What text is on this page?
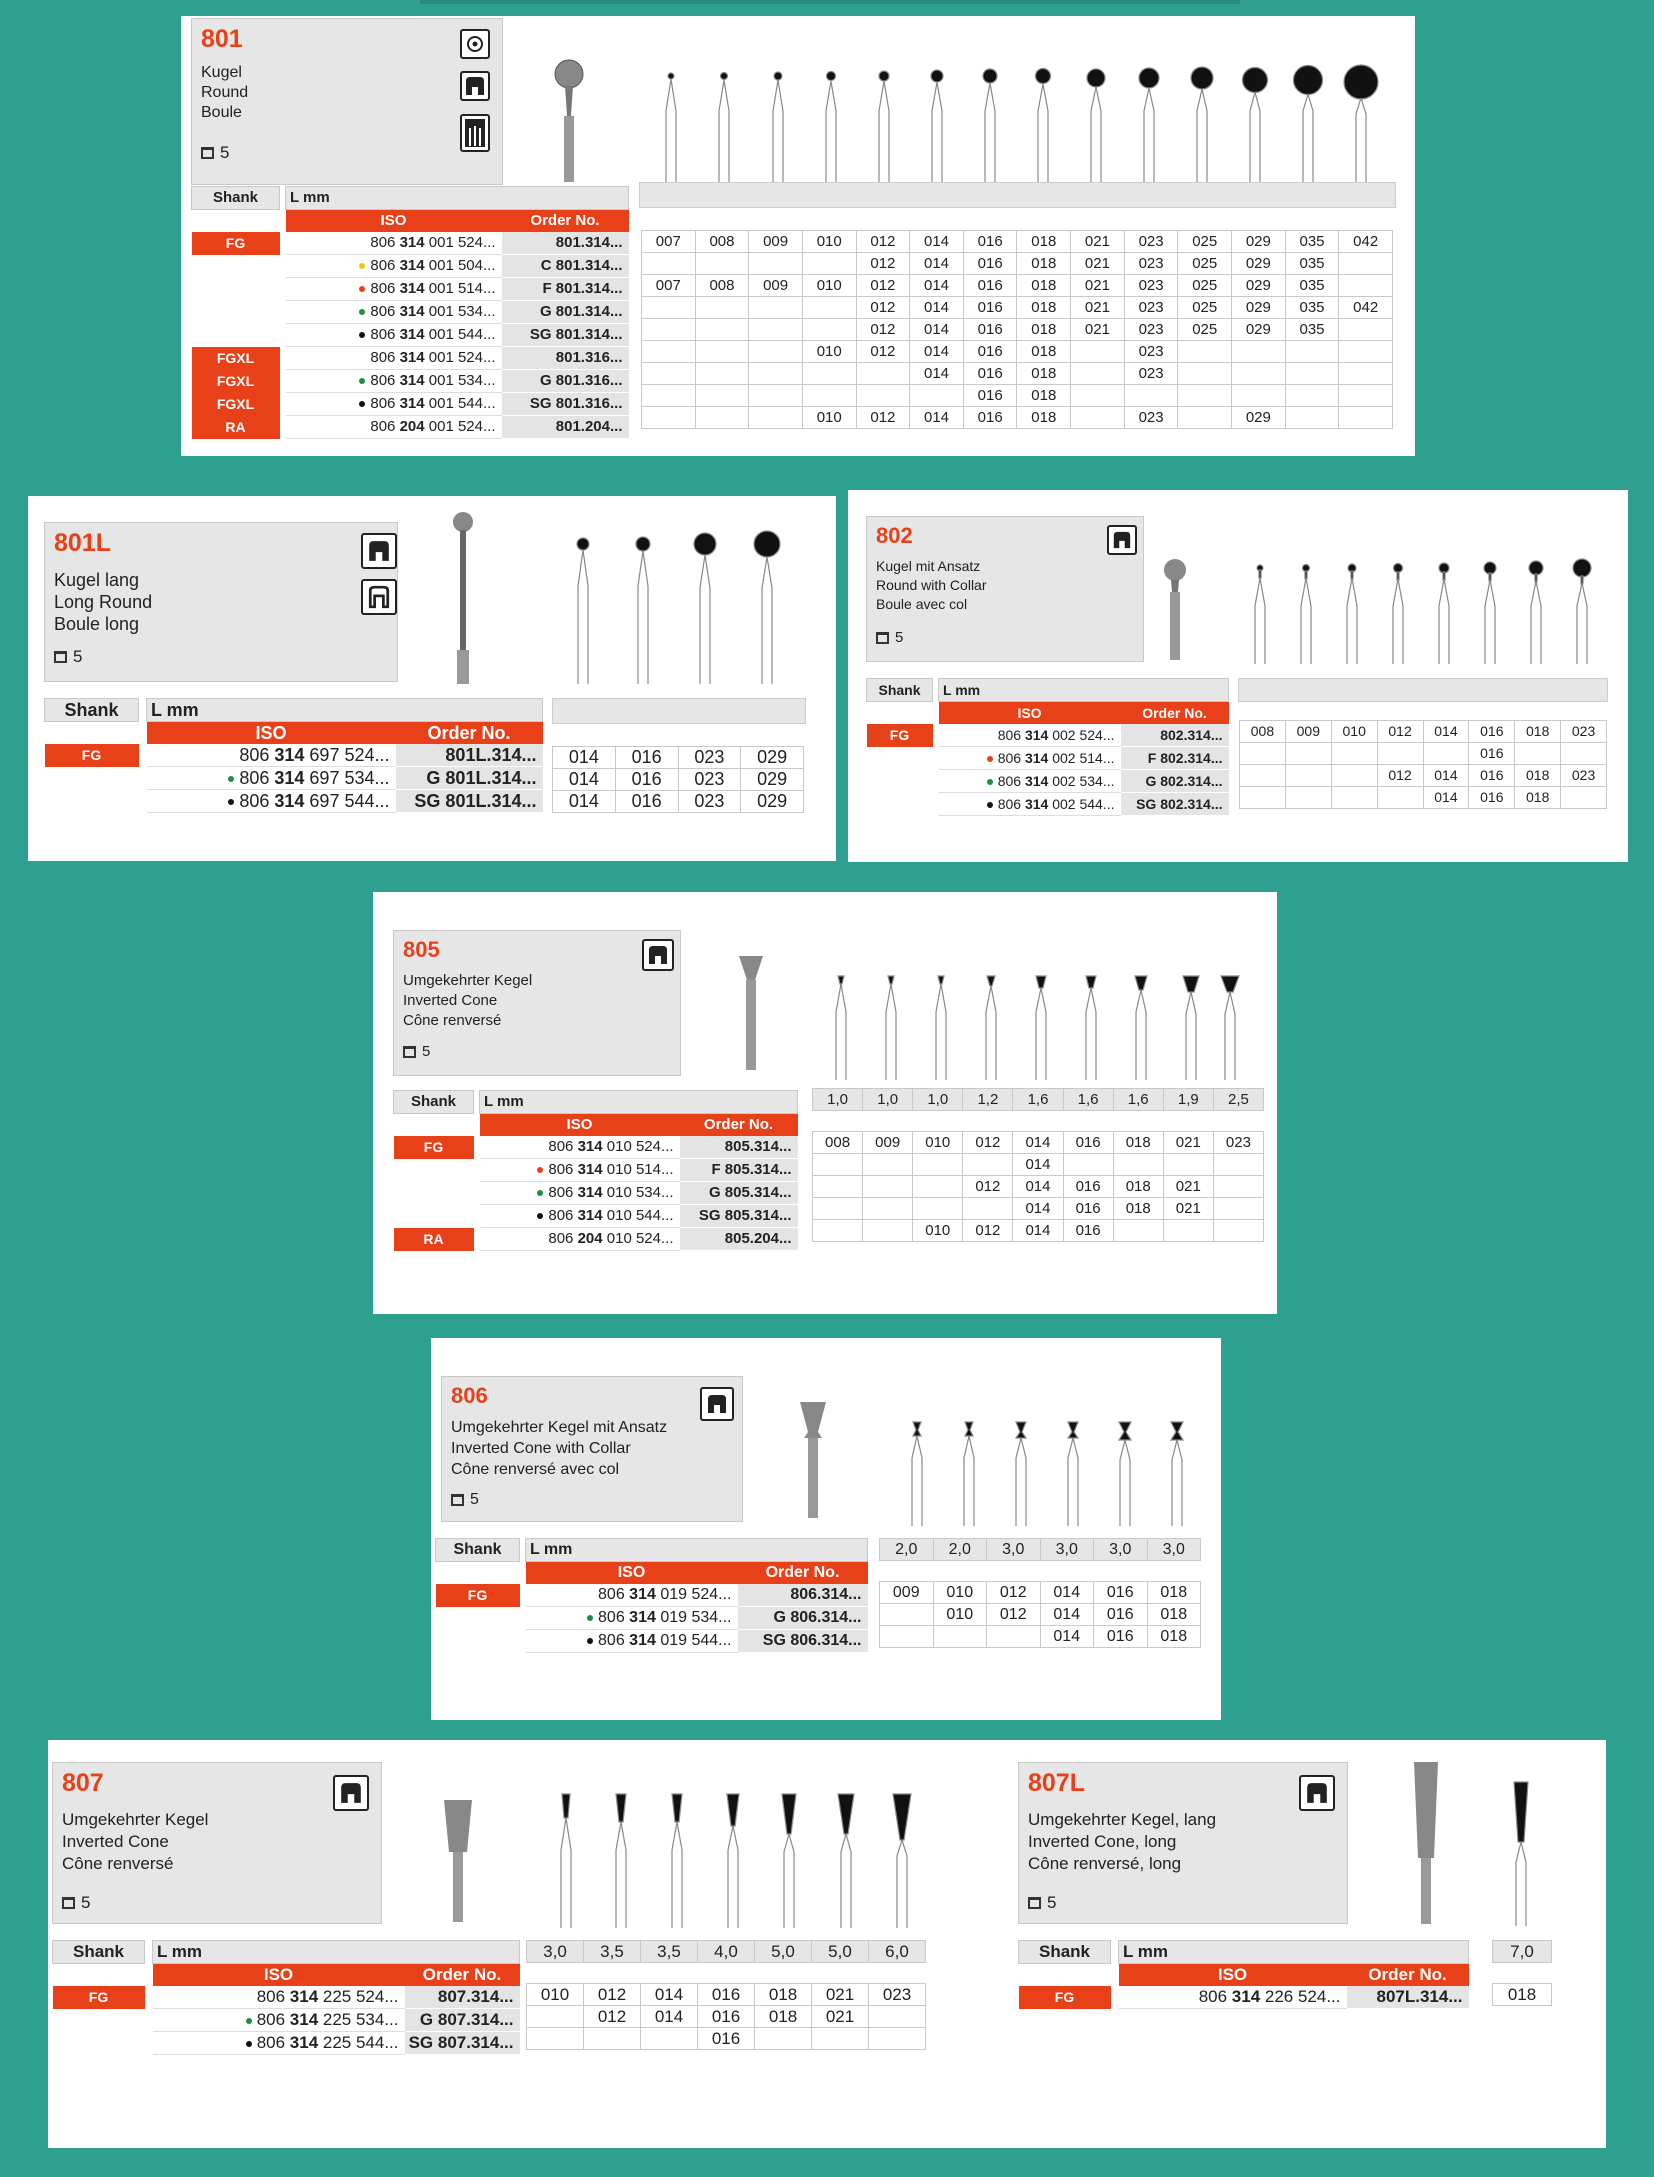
801
Kugel
Round
Boule
5
Shank		L mm	
		ISO	Order No.
FG		806 314 001 524...	801.314...
		806 314 001 504...	C 801.314...
		806 314 001 514...	F 801.314...
		806 314 001 534...	G 801.314...
		806 314 001 544...	SG 801.314...
FGXL		806 314 001 524...	801.316...
FGXL		806 314 001 534...	G 801.316...
FGXL		806 314 001 544...	SG 801.316...
RA		806 204 001 524...	801.204...
007	008	009	010	012	014	016	018	021	023	025	029	035	042
				012	014	016	018	021	023	025	029	035	
007	008	009	010	012	014	016	018	021	023	025	029	035	
				012	014	016	018	021	023	025	029	035	042
				012	014	016	018	021	023	025	029	035	
			010	012	014	016	018		023				
					014	016	018		023				
						016	018						
			010	012	014	016	018		023		029		
801L
Kugel lang
Long Round
Boule long
5
Shank		L mm	
		ISO	Order No.
FG		806 314 697 524...	801L.314...
		806 314 697 534...	G 801L.314...
		806 314 697 544...	SG 801L.314...
014	016	023	029
014	016	023	029
014	016	023	029
802
Kugel mit Ansatz
Round with Collar
Boule avec col
5
Shank		L mm	
		ISO	Order No.
FG		806 314 002 524...	802.314...
		806 314 002 514...	F 802.314...
		806 314 002 534...	G 802.314...
		806 314 002 544...	SG 802.314...
008	009	010	012	014	016	018	023
					016		
			012	014	016	018	023
				014	016	018	
805
Umgekehrter Kegel
Inverted Cone
Cône renversé
5
Shank		L mm	
		ISO	Order No.
FG		806 314 010 524...	805.314...
		806 314 010 514...	F 805.314...
		806 314 010 534...	G 805.314...
		806 314 010 544...	SG 805.314...
RA		806 204 010 524...	805.204...
1,0	1,0	1,0	1,2	1,6	1,6	1,6	1,9	2,5

008	009	010	012	014	016	018	021	023
				014				
			012	014	016	018	021	
				014	016	018	021	
		010	012	014	016			
806
Umgekehrter Kegel mit Ansatz
Inverted Cone with Collar
Cône renversé avec col
5
Shank		L mm	
		ISO	Order No.
FG		806 314 019 524...	806.314...
		806 314 019 534...	G 806.314...
		806 314 019 544...	SG 806.314...
2,0	2,0	3,0	3,0	3,0	3,0

009	010	012	014	016	018
	010	012	014	016	018
			014	016	018
807
Umgekehrter Kegel
Inverted Cone
Cône renversé
5
Shank		L mm	
		ISO	Order No.
FG		806 314 225 524...	807.314...
		806 314 225 534...	G 807.314...
		806 314 225 544...	SG 807.314...
3,0	3,5	3,5	4,0	5,0	5,0	6,0

010	012	014	016	018	021	023
	012	014	016	018	021	
			016			
807L
Umgekehrter Kegel, lang
Inverted Cone, long
Cône renversé, long
5
Shank		L mm	
		ISO	Order No.
FG		806 314 226 524...	807L.314...
7,0

018
